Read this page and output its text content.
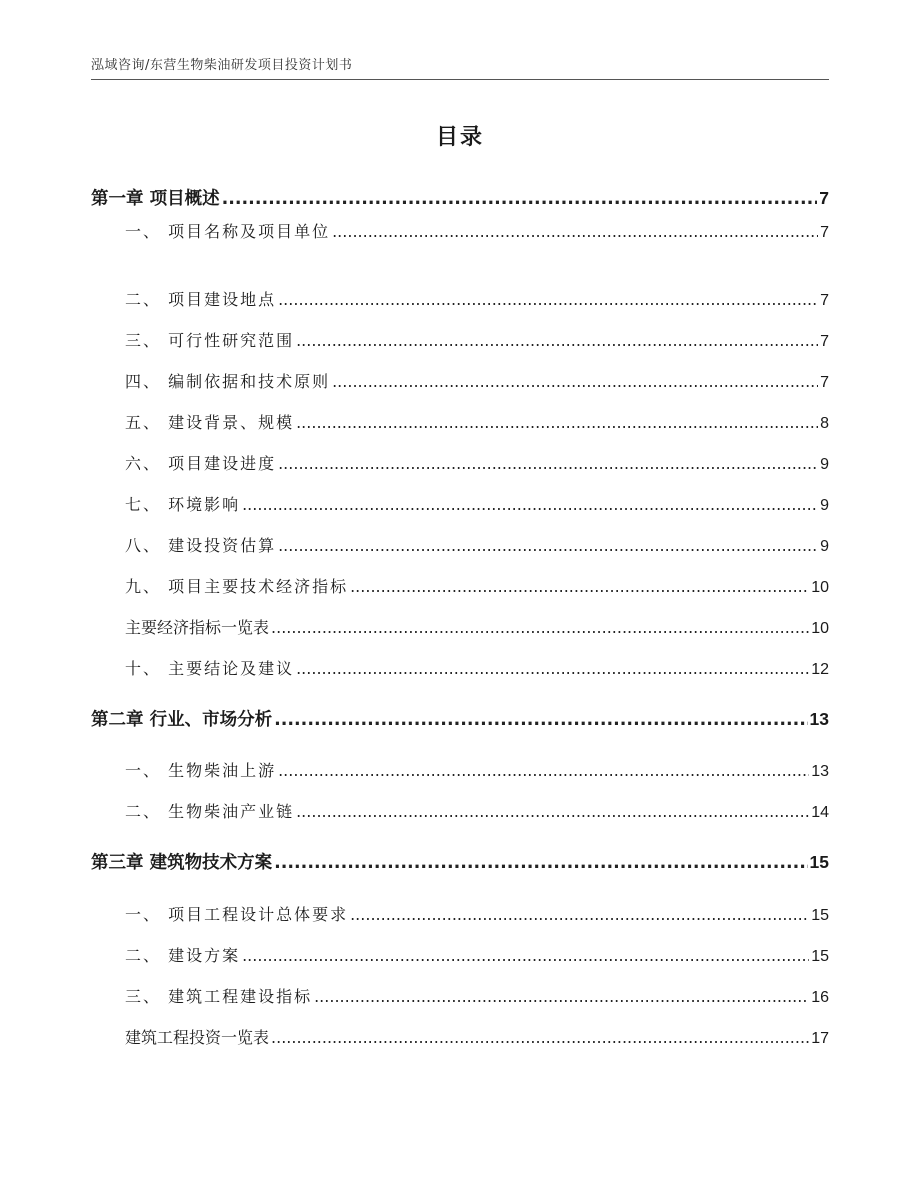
泓域咨询/东营生物柴油研发项目投资计划书
目录
第一章 项目概述 .....	7
一、 项目名称及项目单位 .....	7
二、 项目建设地点 .....	7
三、 可行性研究范围 .....	7
四、 编制依据和技术原则 .....	7
五、 建设背景、规模 .....	8
六、 项目建设进度 .....	9
七、 环境影响 .....	9
八、 建设投资估算 .....	9
九、 项目主要技术经济指标 .....	10
主要经济指标一览表 .....	10
十、 主要结论及建议 .....	12
第二章 行业、市场分析 .....	13
一、 生物柴油上游 .....	13
二、 生物柴油产业链 .....	14
第三章 建筑物技术方案 .....	15
一、 项目工程设计总体要求 .....	15
二、 建设方案 .....	15
三、 建筑工程建设指标 .....	16
建筑工程投资一览表 .....	17
